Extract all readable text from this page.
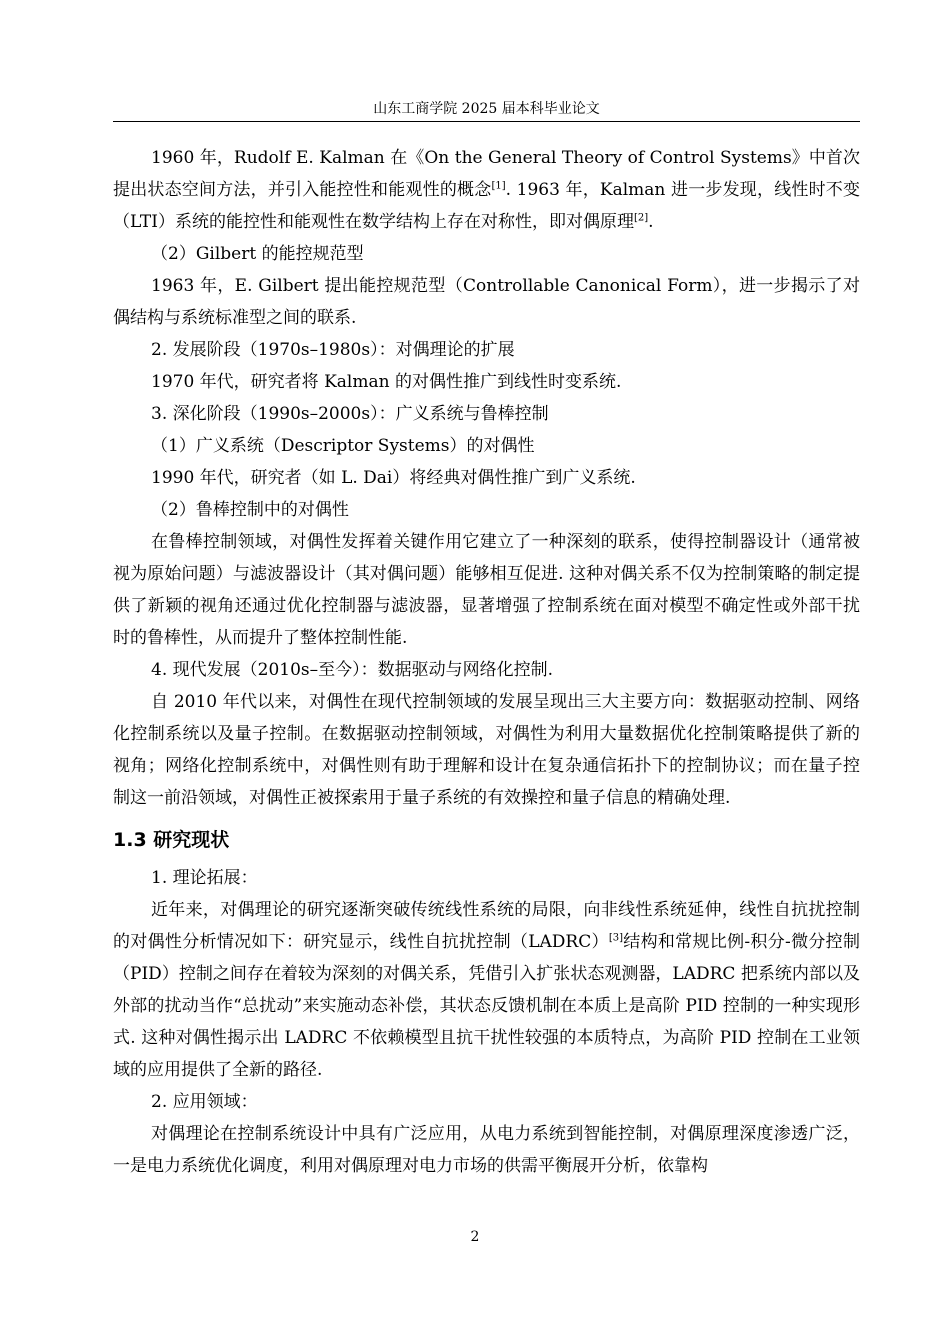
山东工商学院 2025 届本科毕业论文

1960 年，Rudolf E. Kalman 在《On the General Theory of Control Systems》中首次提出状态空间方法，并引入能控性和能观性的概念[1]. 1963 年，Kalman 进一步发现，线性时不变（LTI）系统的能控性和能观性在数学结构上存在对称性，即对偶原理[2].

（2）Gilbert 的能控规范型

1963 年，E. Gilbert 提出能控规范型（Controllable Canonical Form），进一步揭示了对偶结构与系统标准型之间的联系.

2. 发展阶段（1970s–1980s）：对偶理论的扩展

1970 年代，研究者将 Kalman 的对偶性推广到线性时变系统.

3. 深化阶段（1990s–2000s）：广义系统与鲁棒控制

（1）广义系统（Descriptor Systems）的对偶性

1990 年代，研究者（如 L. Dai）将经典对偶性推广到广义系统.

（2）鲁棒控制中的对偶性

在鲁棒控制领域，对偶性发挥着关键作用它建立了一种深刻的联系，使得控制器设计（通常被视为原始问题）与滤波器设计（其对偶问题）能够相互促进. 这种对偶关系不仅为控制策略的制定提供了新颖的视角还通过优化控制器与滤波器，显著增强了控制系统在面对模型不确定性或外部干扰时的鲁棒性，从而提升了整体控制性能.

4. 现代发展（2010s–至今）：数据驱动与网络化控制.

自 2010 年代以来，对偶性在现代控制领域的发展呈现出三大主要方向：数据驱动控制、网络化控制系统以及量子控制。在数据驱动控制领域，对偶性为利用大量数据优化控制策略提供了新的视角；网络化控制系统中，对偶性则有助于理解和设计在复杂通信拓扑下的控制协议；而在量子控制这一前沿领域，对偶性正被探索用于量子系统的有效操控和量子信息的精确处理.

1.3 研究现状

1. 理论拓展：

近年来，对偶理论的研究逐渐突破传统线性系统的局限，向非线性系统延伸，线性自抗扰控制的对偶性分析情况如下：研究显示，线性自抗扰控制（LADRC）[3]结构和常规比例-积分-微分控制（PID）控制之间存在着较为深刻的对偶关系，凭借引入扩张状态观测器，LADRC 把系统内部以及外部的扰动当作“总扰动”来实施动态补偿，其状态反馈机制在本质上是高阶 PID 控制的一种实现形式. 这种对偶性揭示出 LADRC 不依赖模型且抗干扰性较强的本质特点，为高阶 PID 控制在工业领域的应用提供了全新的路径.

2. 应用领域：

对偶理论在控制系统设计中具有广泛应用，从电力系统到智能控制，对偶原理深度渗透广泛，一是电力系统优化调度，利用对偶原理对电力市场的供需平衡展开分析，依靠构

2
